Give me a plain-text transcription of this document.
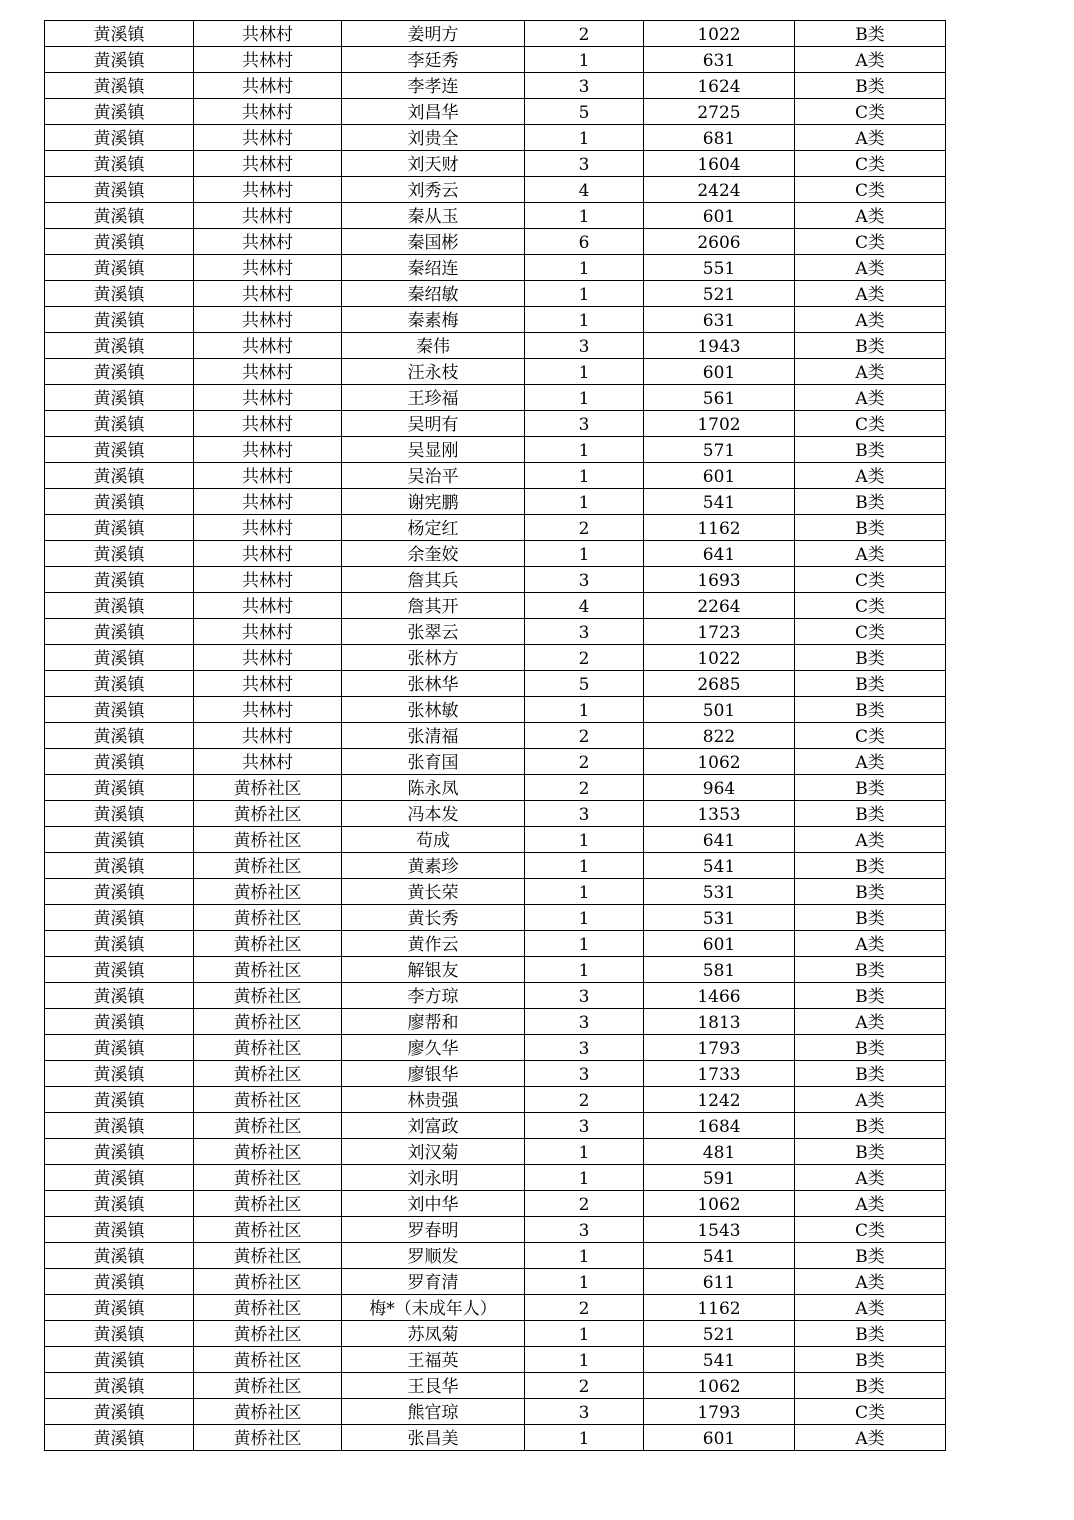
黄溪镇	共林村	姜明方	2	1022	B类
黄溪镇	共林村	李廷秀	1	631	A类
黄溪镇	共林村	李孝连	3	1624	B类
黄溪镇	共林村	刘昌华	5	2725	C类
黄溪镇	共林村	刘贵全	1	681	A类
黄溪镇	共林村	刘天财	3	1604	C类
黄溪镇	共林村	刘秀云	4	2424	C类
黄溪镇	共林村	秦从玉	1	601	A类
黄溪镇	共林村	秦国彬	6	2606	C类
黄溪镇	共林村	秦绍连	1	551	A类
黄溪镇	共林村	秦绍敏	1	521	A类
黄溪镇	共林村	秦素梅	1	631	A类
黄溪镇	共林村	秦伟	3	1943	B类
黄溪镇	共林村	汪永枝	1	601	A类
黄溪镇	共林村	王珍福	1	561	A类
黄溪镇	共林村	吴明有	3	1702	C类
黄溪镇	共林村	吴显刚	1	571	B类
黄溪镇	共林村	吴治平	1	601	A类
黄溪镇	共林村	谢宪鹏	1	541	B类
黄溪镇	共林村	杨定红	2	1162	B类
黄溪镇	共林村	余奎姣	1	641	A类
黄溪镇	共林村	詹其兵	3	1693	C类
黄溪镇	共林村	詹其开	4	2264	C类
黄溪镇	共林村	张翠云	3	1723	C类
黄溪镇	共林村	张林方	2	1022	B类
黄溪镇	共林村	张林华	5	2685	B类
黄溪镇	共林村	张林敏	1	501	B类
黄溪镇	共林村	张清福	2	822	C类
黄溪镇	共林村	张育国	2	1062	A类
黄溪镇	黄桥社区	陈永凤	2	964	B类
黄溪镇	黄桥社区	冯本发	3	1353	B类
黄溪镇	黄桥社区	苟成	1	641	A类
黄溪镇	黄桥社区	黄素珍	1	541	B类
黄溪镇	黄桥社区	黄长荣	1	531	B类
黄溪镇	黄桥社区	黄长秀	1	531	B类
黄溪镇	黄桥社区	黄作云	1	601	A类
黄溪镇	黄桥社区	解银友	1	581	B类
黄溪镇	黄桥社区	李方琼	3	1466	B类
黄溪镇	黄桥社区	廖帮和	3	1813	A类
黄溪镇	黄桥社区	廖久华	3	1793	B类
黄溪镇	黄桥社区	廖银华	3	1733	B类
黄溪镇	黄桥社区	林贵强	2	1242	A类
黄溪镇	黄桥社区	刘富政	3	1684	B类
黄溪镇	黄桥社区	刘汉菊	1	481	B类
黄溪镇	黄桥社区	刘永明	1	591	A类
黄溪镇	黄桥社区	刘中华	2	1062	A类
黄溪镇	黄桥社区	罗春明	3	1543	C类
黄溪镇	黄桥社区	罗顺发	1	541	B类
黄溪镇	黄桥社区	罗育清	1	611	A类
黄溪镇	黄桥社区	梅*（未成年人）	2	1162	A类
黄溪镇	黄桥社区	苏凤菊	1	521	B类
黄溪镇	黄桥社区	王福英	1	541	B类
黄溪镇	黄桥社区	王艮华	2	1062	B类
黄溪镇	黄桥社区	熊官琼	3	1793	C类
黄溪镇	黄桥社区	张昌美	1	601	A类
